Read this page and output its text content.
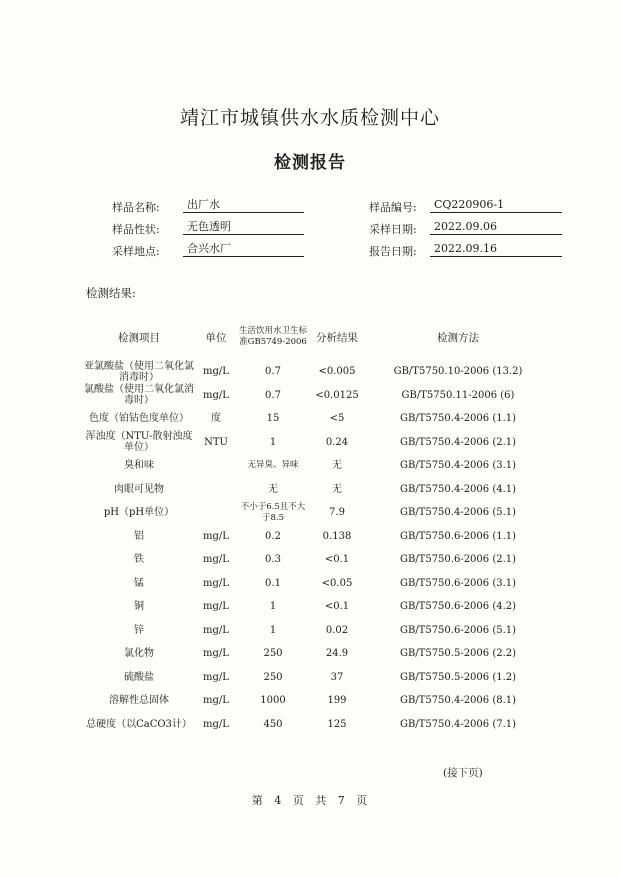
靖江市城镇供水水质检测中心
检测报告
样品名称:	出厂水
样品性状:	无色透明
采样地点:	合兴水厂
样品编号:	CQ220906-1
采样日期:	2022.09.06
报告日期:	2022.09.16
检测结果:
检测项目	单位	生活饮用水卫生标准GB5749-2006	分析结果	检测方法
亚氯酸盐（使用二氧化氯消毒时）	mg/L	0.7	<0.005	GB/T5750.10-2006 (13.2)
氯酸盐（使用二氧化氯消毒时）	mg/L	0.7	<0.0125	GB/T5750.11-2006 (6)
色度（铂钴色度单位）	度	15	<5	GB/T5750.4-2006 (1.1)
浑浊度（NTU-散射浊度单位）	NTU	1	0.24	GB/T5750.4-2006 (2.1)
臭和味		无异臭、异味	无	GB/T5750.4-2006 (3.1)
肉眼可见物		无	无	GB/T5750.4-2006 (4.1)
pH（pH单位）		不小于6.5且不大于8.5	7.9	GB/T5750.4-2006 (5.1)
铝	mg/L	0.2	0.138	GB/T5750.6-2006 (1.1)
铁	mg/L	0.3	<0.1	GB/T5750.6-2006 (2.1)
锰	mg/L	0.1	<0.05	GB/T5750.6-2006 (3.1)
铜	mg/L	1	<0.1	GB/T5750.6-2006 (4.2)
锌	mg/L	1	0.02	GB/T5750.6-2006 (5.1)
氯化物	mg/L	250	24.9	GB/T5750.5-2006 (2.2)
硫酸盐	mg/L	250	37	GB/T5750.5-2006 (1.2)
溶解性总固体	mg/L	1000	199	GB/T5750.4-2006 (8.1)
总硬度（以CaCO3计）	mg/L	450	125	GB/T5750.4-2006 (7.1)
(接下页)
第 4 页 共 7 页
